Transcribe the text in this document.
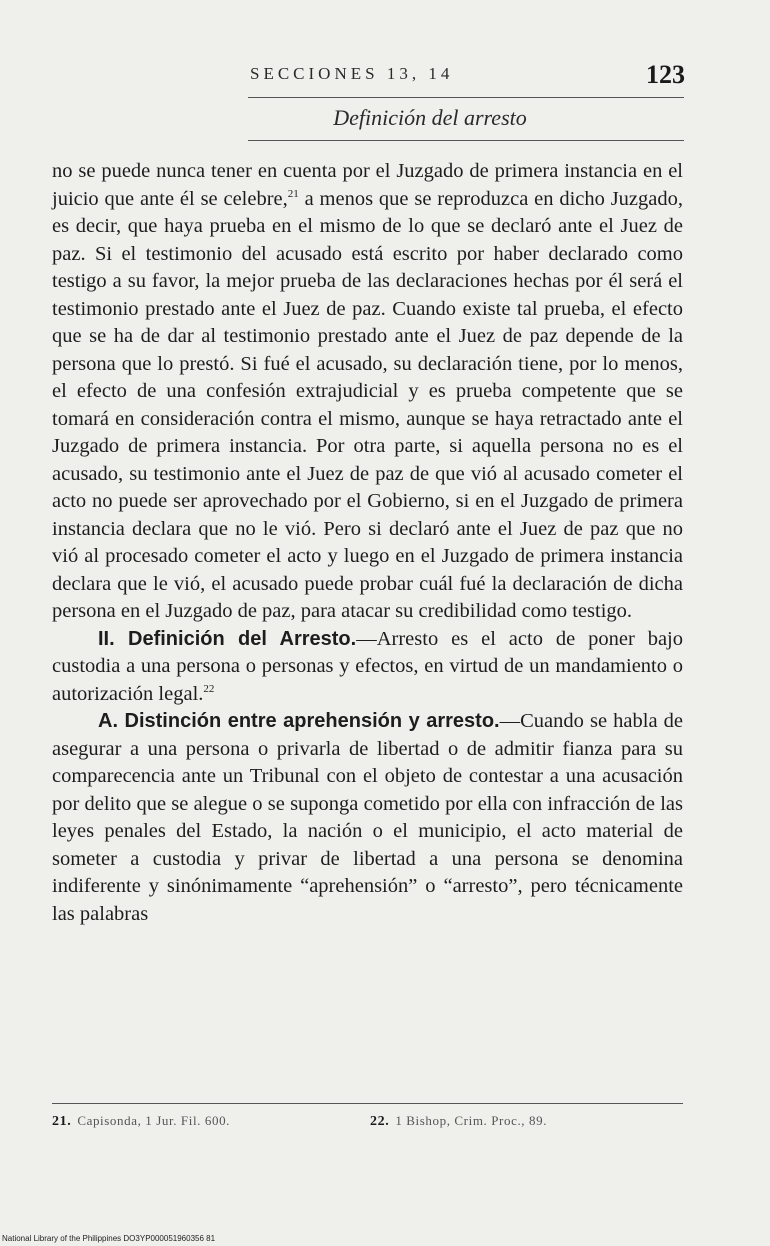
SECCIONES 13, 14	123
Definición del arresto

no se puede nunca tener en cuenta por el Juzgado de primera instancia en el juicio que ante él se celebre,$^{21}$ a menos que se reproduzca en dicho Juzgado, es decir, que haya prueba en el mismo de lo que se declaró ante el Juez de paz. Si el testimonio del acusado está escrito por haber declarado como testigo a su favor, la mejor prueba de las declaraciones hechas por él será el testimonio prestado ante el Juez de paz. Cuando existe tal prueba, el efecto que se ha de dar al testimonio prestado ante el Juez de paz depende de la persona que lo prestó. Si fué el acusado, su declaración tiene, por lo menos, el efecto de una confesión extrajudicial y es prueba competente que se tomará en consideración contra el mismo, aunque se haya retractado ante el Juzgado de primera instancia. Por otra parte, si aquella persona no es el acusado, su testimonio ante el Juez de paz de que vió al acusado cometer el acto no puede ser aprovechado por el Gobierno, si en el Juzgado de primera instancia declara que no le vió. Pero si declaró ante el Juez de paz que no vió al procesado cometer el acto y luego en el Juzgado de primera instancia declara que le vió, el acusado puede probar cuál fué la declaración de dicha persona en el Juzgado de paz, para atacar su credibilidad como testigo.

II. Definición del Arresto.—Arresto es el acto de poner bajo custodia a una persona o personas y efectos, en virtud de un mandamiento o autorización legal.$^{22}$

A. Distinción entre aprehensión y arresto.—Cuando se habla de asegurar a una persona o privarla de libertad o de admitir fianza para su comparecencia ante un Tribunal con el objeto de contestar a una acusación por delito que se alegue o se suponga cometido por ella con infracción de las leyes penales del Estado, la nación o el municipio, el acto material de someter a custodia y privar de libertad a una persona se denomina indiferente y sinónimamente “aprehensión” o “arresto”, pero técnicamente las palabras

21. Capisonda, 1 Jur. Fil. 600.	22. 1 Bishop, Crim. Proc., 89.
National Library of the Philippines DO3YP000051960356 81
